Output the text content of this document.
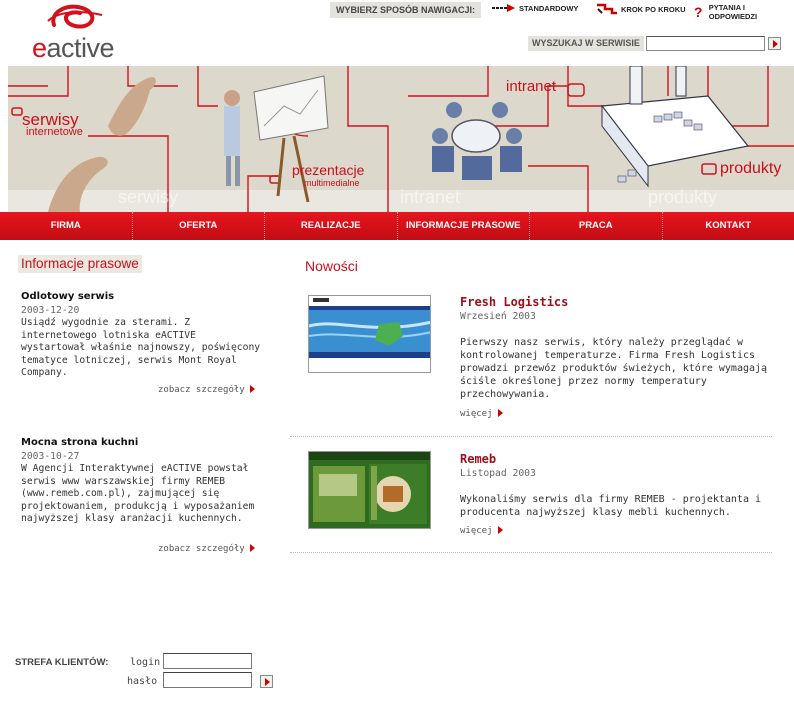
eactive
WYBIERZ SPOSÓB NAWIGACJI:	STANDARDOWY	KROK PO KROKU ? PYTANIA I ODPOWIEDZI
WYSZUKAJ W SERWISIE
serwisy	intranet	produkty
serwisy
internetowe
prezentacje
multimedialne
intranet
produkty
FIRMA	OFERTA	REALIZACJE	INFORMACJE PRASOWE	PRACA	KONTAKT
Informacje prasowe
Odlotowy serwis
2003-12-20
Usiądź wygodnie za sterami. Z internetowego lotniska eACTIVE wystartował właśnie najnowszy, poświęcony tematyce lotniczej, serwis Mont Royal Company.
zobacz szczegóły
Mocna strona kuchni
2003-10-27
W Agencji Interaktywnej eACTIVE powstał serwis www warszawskiej firmy REMEB (www.remeb.com.pl), zajmującej się projektowaniem, produkcją i wyposażaniem najwyższej klasy aranżacji kuchennych.
zobacz szczegóły
Nowości
Fresh Logistics
Wrzesień 2003
Pierwszy nasz serwis, który należy przeglądać w kontrolowanej temperaturze. Firma Fresh Logistics prowadzi przewóz produktów świeżych, które wymagają ściśle określonej przez normy temperatury przechowywania.
więcej
Remeb
Listopad 2003
Wykonaliśmy serwis dla firmy REMEB - projektanta i producenta najwyższej klasy mebli kuchennych.
więcej
STREFA KLIENTÓW: login
hasło
